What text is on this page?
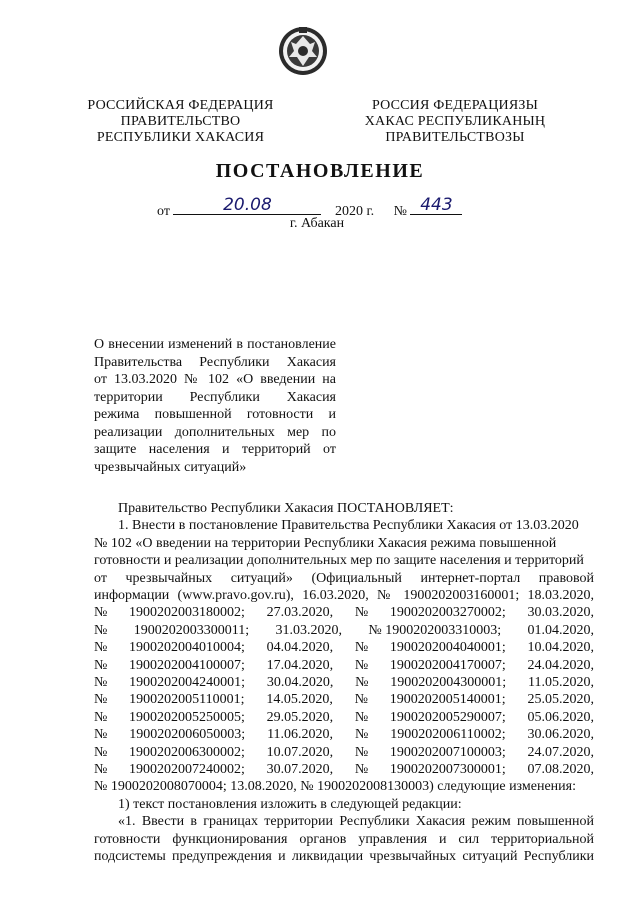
РОССИЙСКАЯ ФЕДЕРАЦИЯ
ПРАВИТЕЛЬСТВО
РЕСПУБЛИКИ ХАКАСИЯ
РОССИЯ ФЕДЕРАЦИЯЗЫ
ХАКАС РЕСПУБЛИКАНЫҢ
ПРАВИТЕЛЬСТВОЗЫ
ПОСТАНОВЛЕНИЕ
от	20.08	2020 г. № 443
г. Абакан
О внесении изменений в постановление
Правительства Республики Хакасия
от 13.03.2020 № 102 «О введении на
территории Республики Хакасия
режима повышенной готовности и
реализации дополнительных мер по
защите населения и территорий от
чрезвычайных ситуаций»

Правительство Республики Хакасия ПОСТАНОВЛЯЕТ:

1. Внести в постановление Правительства Республики Хакасия от 13.03.2020

№ 102 «О введении на территории Республики Хакасия режима повышенной

готовности и реализации дополнительных мер по защите населения и территорий

от чрезвычайных ситуаций» (Официальный интернет-портал правовой
информации (www.pravo.gov.ru), 16.03.2020, № 1900202003160001; 18.03.2020,
№ 1900202003180002; 27.03.2020, № 1900202003270002; 30.03.2020,
№ 1900202003300011; 31.03.2020, № 1900202003310003; 01.04.2020,
№ 1900202004010004; 04.04.2020, № 1900202004040001; 10.04.2020,
№ 1900202004100007; 17.04.2020, № 1900202004170007; 24.04.2020,
№ 1900202004240001; 30.04.2020, № 1900202004300001; 11.05.2020,
№ 1900202005110001; 14.05.2020, № 1900202005140001; 25.05.2020,
№ 1900202005250005; 29.05.2020, № 1900202005290007; 05.06.2020,
№ 1900202006050003; 11.06.2020, № 1900202006110002; 30.06.2020,
№ 1900202006300002; 10.07.2020, № 1900202007100003; 24.07.2020,
№ 1900202007240002; 30.07.2020, № 1900202007300001; 07.08.2020,

№ 1900202008070004; 13.08.2020, № 1900202008130003) следующие изменения:

1) текст постановления изложить в следующей редакции:

«1. Ввести в границах территории Республики Хакасия режим повышенной
готовности функционирования органов управления и сил территориальной
подсистемы предупреждения и ликвидации чрезвычайных ситуаций Республики
